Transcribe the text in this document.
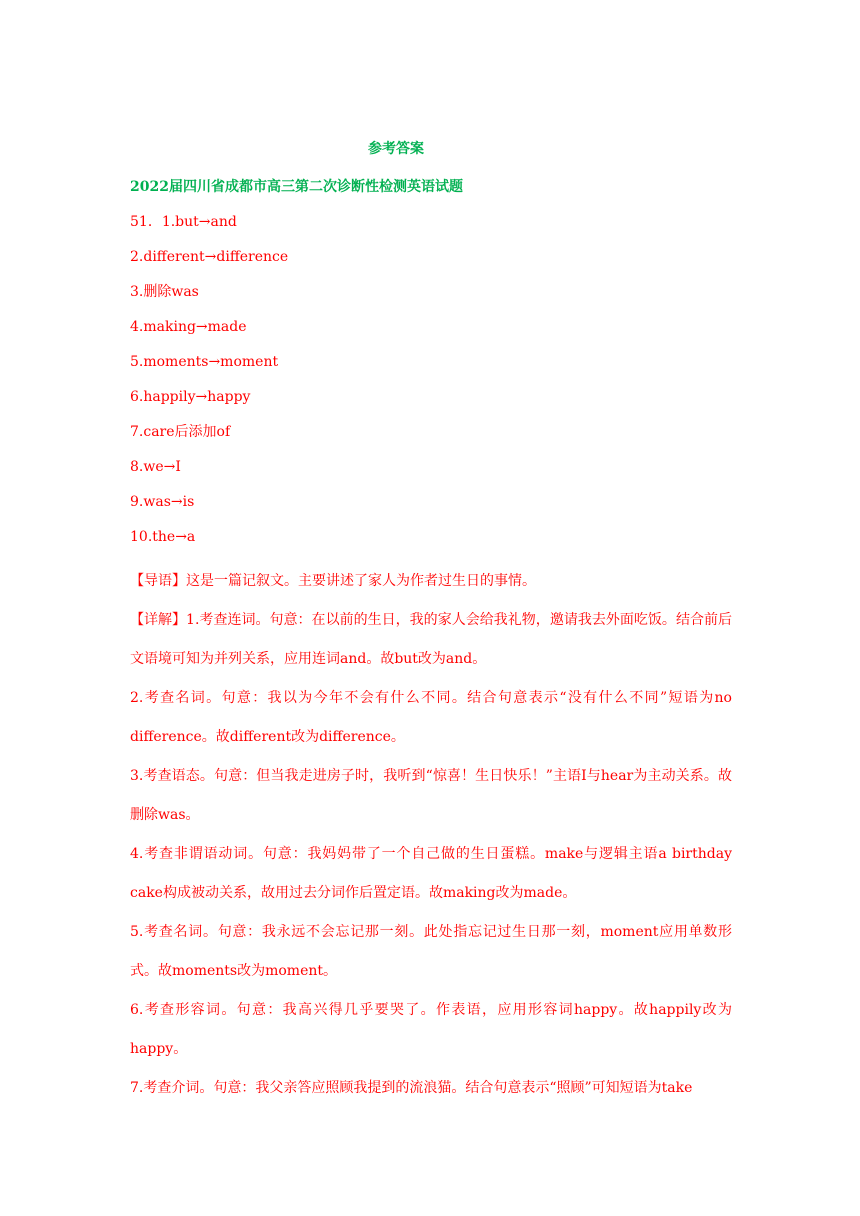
参考答案
2022届四川省成都市高三第二次诊断性检测英语试题
51．1.but→and
2.different→difference
3.删除was
4.making→made
5.moments→moment
6.happily→happy
7.care后添加of
8.we→I
9.was→is
10.the→a

【导语】这是一篇记叙文。主要讲述了家人为作者过生日的事情。

【详解】1.考查连词。句意：在以前的生日，我的家人会给我礼物，邀请我去外面吃饭。结合前后文语境可知为并列关系，应用连词and。故but改为and。

2.考查名词。句意：我以为今年不会有什么不同。结合句意表示“没有什么不同”短语为no difference。故different改为difference。

3.考查语态。句意：但当我走进房子时，我听到“惊喜！生日快乐！”主语I与hear为主动关系。故删除was。

4.考查非谓语动词。句意：我妈妈带了一个自己做的生日蛋糕。make与逻辑主语a birthday cake构成被动关系，故用过去分词作后置定语。故making改为made。

5.考查名词。句意：我永远不会忘记那一刻。此处指忘记过生日那一刻，moment应用单数形式。故moments改为moment。

6.考查形容词。句意：我高兴得几乎要哭了。作表语，应用形容词happy。故happily改为happy。

7.考查介词。句意：我父亲答应照顾我提到的流浪猫。结合句意表示“照顾”可知短语为take
